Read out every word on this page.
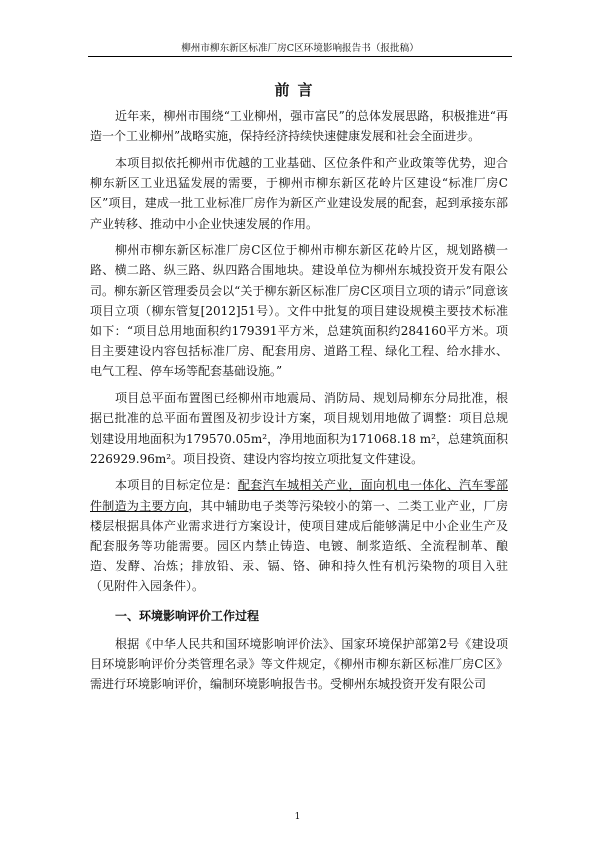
柳州市柳东新区标准厂房C区环境影响报告书（报批稿）
前言

近年来，柳州市围绕“工业柳州，强市富民”的总体发展思路，积极推进“再造一个工业柳州”战略实施，保持经济持续快速健康发展和社会全面进步。

本项目拟依托柳州市优越的工业基础、区位条件和产业政策等优势，迎合柳东新区工业迅猛发展的需要，于柳州市柳东新区花岭片区建设“标准厂房C区”项目，建成一批工业标准厂房作为新区产业建设发展的配套，起到承接东部产业转移、推动中小企业快速发展的作用。

柳州市柳东新区标准厂房C区位于柳州市柳东新区花岭片区，规划路横一路、横二路、纵三路、纵四路合围地块。建设单位为柳州东城投资开发有限公司。柳东新区管理委员会以“关于柳东新区标准厂房C区项目立项的请示”同意该项目立项（柳东管复[2012]51号）。文件中批复的项目建设规模主要技术标准如下：“项目总用地面积约179391平方米，总建筑面积约284160平方米。项目主要建设内容包括标准厂房、配套用房、道路工程、绿化工程、给水排水、电气工程、停车场等配套基础设施。”

项目总平面布置图已经柳州市地震局、消防局、规划局柳东分局批准，根据已批准的总平面布置图及初步设计方案，项目规划用地做了调整：项目总规划建设用地面积为179570.05m²，净用地面积为171068.18 m²，总建筑面积226929.96m²。项目投资、建设内容均按立项批复文件建设。

本项目的目标定位是：配套汽车城相关产业，面向机电一体化、汽车零部件制造为主要方向，其中辅助电子类等污染较小的第一、二类工业产业，厂房楼层根据具体产业需求进行方案设计，使项目建成后能够满足中小企业生产及配套服务等功能需要。园区内禁止铸造、电镀、制浆造纸、全流程制革、酿造、发酵、冶炼；排放铅、汞、镉、铬、砷和持久性有机污染物的项目入驻（见附件入园条件）。

一、环境影响评价工作过程

根据《中华人民共和国环境影响评价法》、国家环境保护部第2号《建设项目环境影响评价分类管理名录》等文件规定，《柳州市柳东新区标准厂房C区》需进行环境影响评价，编制环境影响报告书。受柳州东城投资开发有限公司

1
